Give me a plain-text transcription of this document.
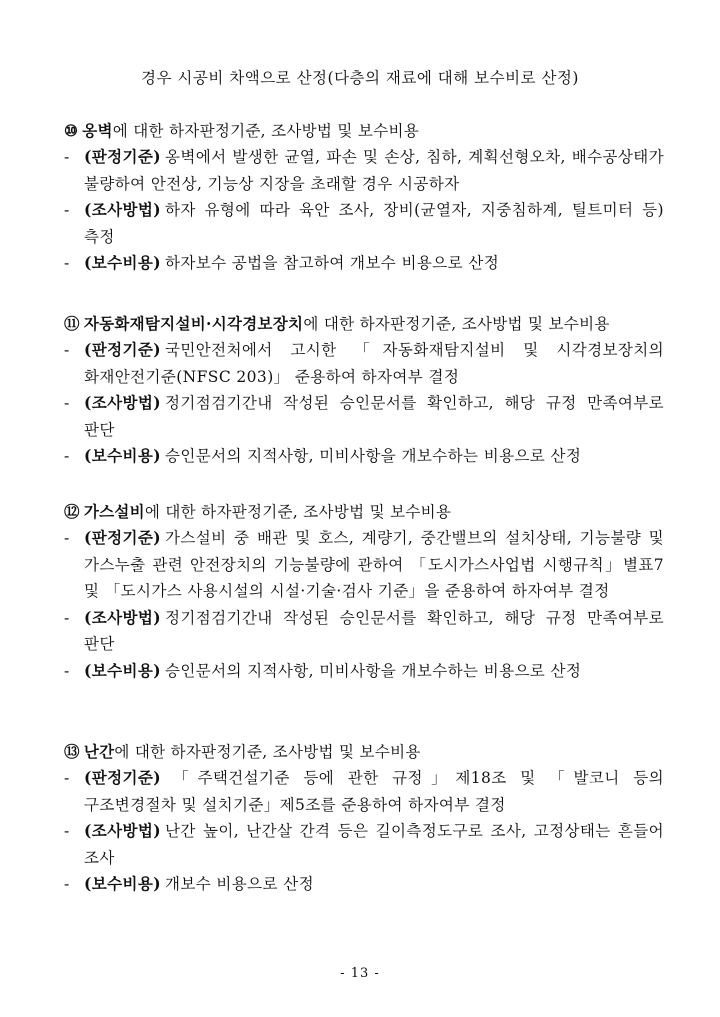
경우 시공비 차액으로 산정(다층의 재료에 대해 보수비로 산정)
⑩ 옹벽에 대한 하자판정기준, 조사방법 및 보수비용
- (판정기준) 옹벽에서 발생한 균열, 파손 및 손상, 침하, 계획선형오차, 배수공상태가 불량하여 안전상, 기능상 지장을 초래할 경우 시공하자
- (조사방법) 하자 유형에 따라 육안 조사, 장비(균열자, 지중침하계, 틸트미터 등) 측정
- (보수비용) 하자보수 공법을 참고하여 개보수 비용으로 산정
⑪ 자동화재탐지설비·시각경보장치에 대한 하자판정기준, 조사방법 및 보수비용
- (판정기준) 국민안전처에서 고시한 「자동화재탐지설비 및 시각경보장치의 화재안전기준(NFSC 203)」 준용하여 하자여부 결정
- (조사방법) 정기점검기간내 작성된 승인문서를 확인하고, 해당 규정 만족여부로 판단
- (보수비용) 승인문서의 지적사항, 미비사항을 개보수하는 비용으로 산정
⑫ 가스설비에 대한 하자판정기준, 조사방법 및 보수비용
- (판정기준) 가스설비 중 배관 및 호스, 계량기, 중간밸브의 설치상태, 기능불량 및 가스누출 관련 안전장치의 기능불량에 관하여 「도시가스사업법 시행규칙」별표7 및 「도시가스 사용시설의 시설·기술·검사 기준」을 준용하여 하자여부 결정
- (조사방법) 정기점검기간내 작성된 승인문서를 확인하고, 해당 규정 만족여부로 판단
- (보수비용) 승인문서의 지적사항, 미비사항을 개보수하는 비용으로 산정
⑬ 난간에 대한 하자판정기준, 조사방법 및 보수비용
- (판정기준) 「주택건설기준 등에 관한 규정」제18조 및 「발코니 등의 구조변경절차 및 설치기준」제5조를 준용하여 하자여부 결정
- (조사방법) 난간 높이, 난간살 간격 등은 길이측정도구로 조사, 고정상태는 흔들어 조사
- (보수비용) 개보수 비용으로 산정
- 13 -
